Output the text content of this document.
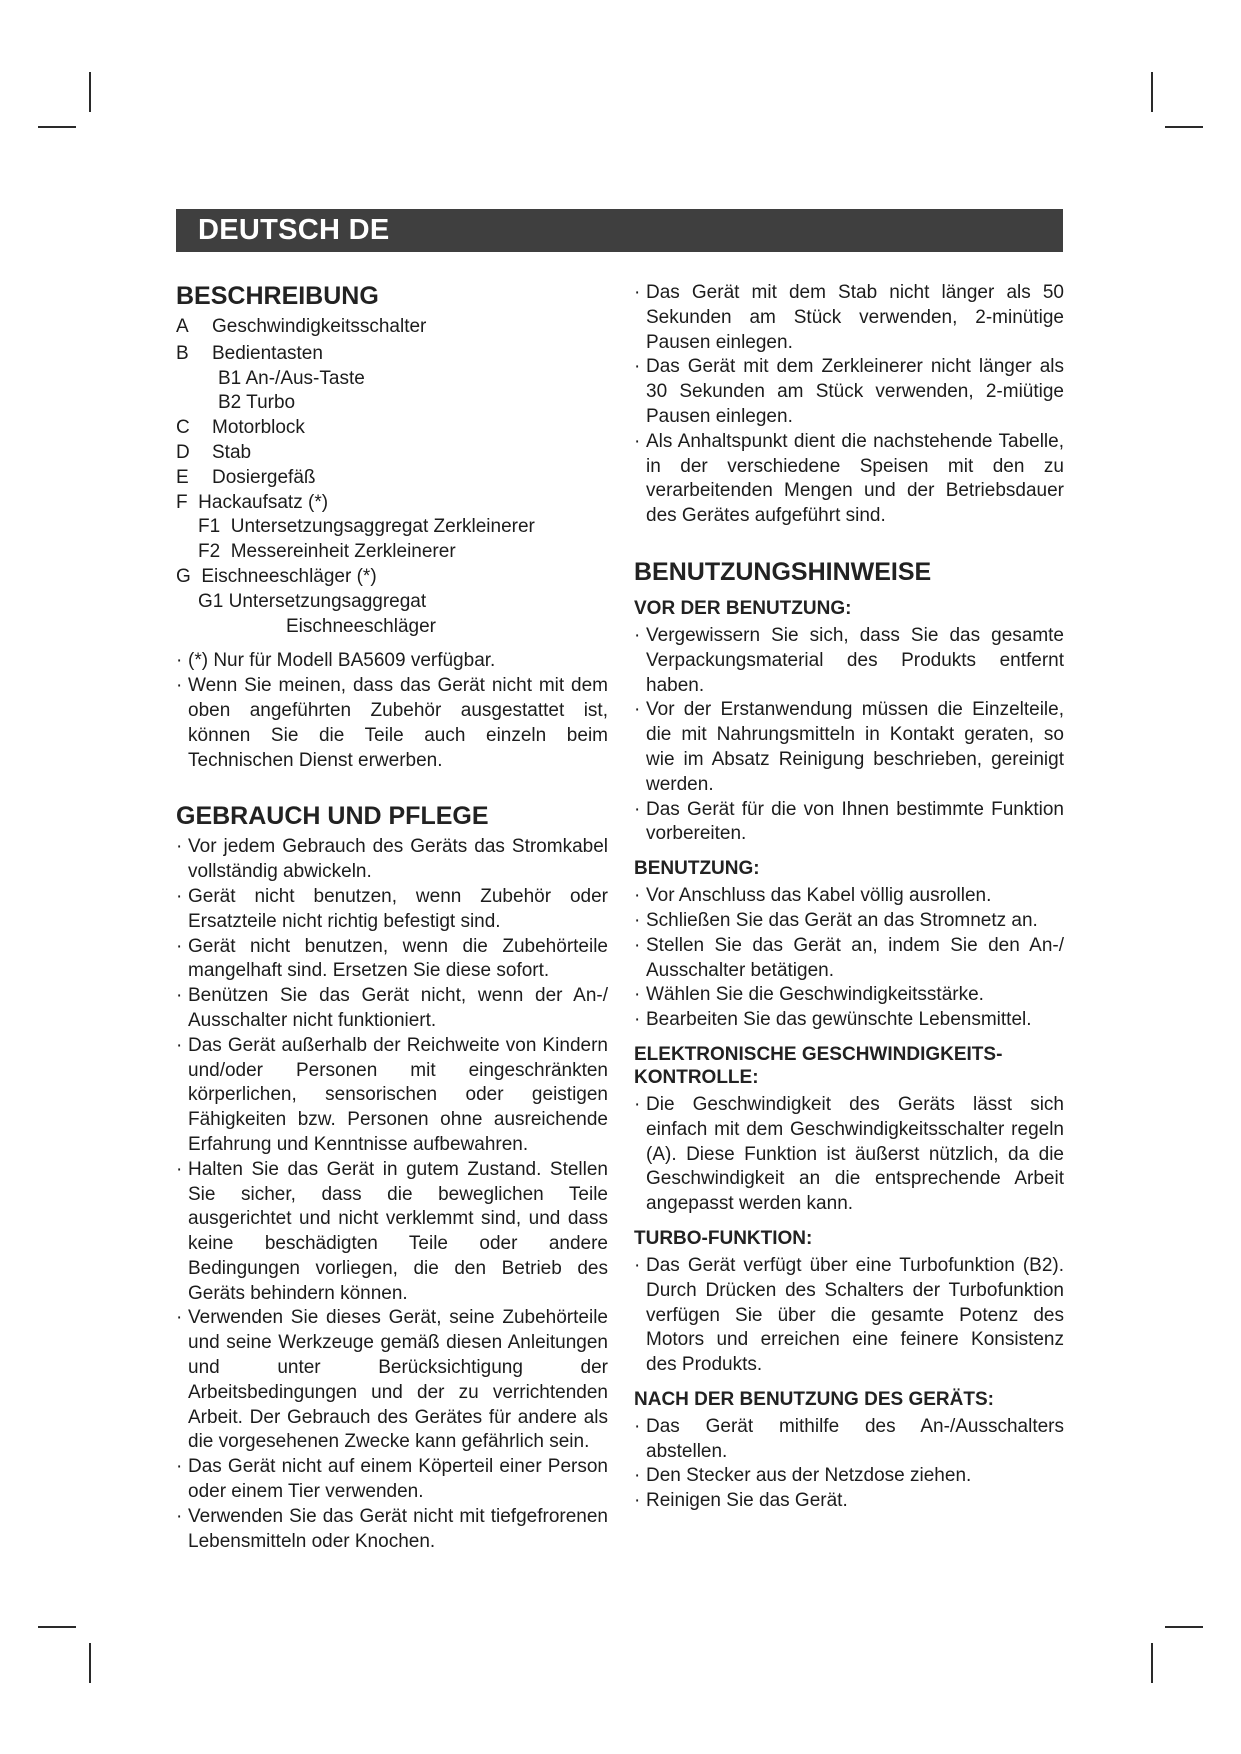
DEUTSCH DE
BESCHREIBUNG
A	Geschwindigkeitsschalter
B	Bedientasten
B1 An-/Aus-Taste
B2 Turbo
C	Motorblock
D	Stab
E	Dosiergefäß
F  Hackaufsatz (*)
F1  Untersetzungsaggregat Zerkleinerer
F2  Messereinheit Zerkleinerer
G  Eischneeschläger (*)
G1 Untersetzungsaggregat
Eischneeschläger
· (*) Nur für Modell BA5609 verfügbar.
· Wenn Sie meinen, dass das Gerät nicht mit dem oben angeführten Zubehör ausgestattet ist, können Sie die Teile auch einzeln beim Technischen Dienst erwerben.
GEBRAUCH UND PFLEGE
· Vor jedem Gebrauch des Geräts das Stromkabel vollständig abwickeln.
· Gerät nicht benutzen, wenn Zubehör oder Ersatzteile nicht richtig befestigt sind.
· Gerät nicht benutzen, wenn die Zubehörteile mangelhaft sind. Ersetzen Sie diese sofort.
· Benützen Sie das Gerät nicht, wenn der An-/ Ausschalter nicht funktioniert.
· Das Gerät außerhalb der Reichweite von Kindern und/oder Personen mit eingeschränkten körperlichen, sensorischen oder geistigen Fähigkeiten bzw. Personen ohne ausreichende Erfahrung und Kenntnisse aufbewahren.
· Halten Sie das Gerät in gutem Zustand. Stellen Sie sicher, dass die beweglichen Teile ausgerichtet und nicht verklemmt sind, und dass keine beschädigten Teile oder andere Bedingungen vorliegen, die den Betrieb des Geräts behindern können.
· Verwenden Sie dieses Gerät, seine Zubehörteile und seine Werkzeuge gemäß diesen Anleitungen und unter Berücksichtigung der Arbeitsbedingungen und der zu verrichtenden Arbeit. Der Gebrauch des Gerätes für andere als die vorgesehenen Zwecke kann gefährlich sein.
· Das Gerät nicht auf einem Köperteil einer Person oder einem Tier verwenden.
· Verwenden Sie das Gerät nicht mit tiefgefrorenen Lebensmitteln oder Knochen.
· Das Gerät mit dem Stab nicht länger als 50 Sekunden am Stück verwenden, 2-minütige Pausen einlegen.
· Das Gerät mit dem Zerkleinerer nicht länger als 30 Sekunden am Stück verwenden, 2-miütige Pausen einlegen.
· Als Anhaltspunkt dient die nachstehende Tabelle, in der verschiedene Speisen mit den zu verarbeitenden Mengen und der Betriebsdauer des Gerätes aufgeführt sind.
BENUTZUNGSHINWEISE
VOR DER BENUTZUNG:
· Vergewissern Sie sich, dass Sie das gesamte Verpackungsmaterial des Produkts entfernt haben.
· Vor der Erstanwendung müssen die Einzelteile, die mit Nahrungsmitteln in Kontakt geraten, so wie im Absatz Reinigung beschrieben, gereinigt werden.
· Das Gerät für die von Ihnen bestimmte Funktion vorbereiten.
BENUTZUNG:
· Vor Anschluss das Kabel völlig ausrollen.
· Schließen Sie das Gerät an das Stromnetz an.
· Stellen Sie das Gerät an, indem Sie den An-/ Ausschalter betätigen.
· Wählen Sie die Geschwindigkeitsstärke.
· Bearbeiten Sie das gewünschte Lebensmittel.
ELEKTRONISCHE GESCHWINDIGKEITS-KONTROLLE:
· Die Geschwindigkeit des Geräts lässt sich einfach mit dem Geschwindigkeitsschalter regeln (A). Diese Funktion ist äußerst nützlich, da die Geschwindigkeit an die entsprechende Arbeit angepasst werden kann.
TURBO-FUNKTION:
· Das Gerät verfügt über eine Turbofunktion (B2). Durch Drücken des Schalters der Turbofunktion verfügen Sie über die gesamte Potenz des Motors und erreichen eine feinere Konsistenz des Produkts.
NACH DER BENUTZUNG DES GERÄTS:
· Das Gerät mithilfe des An-/Ausschalters abstellen.
· Den Stecker aus der Netzdose ziehen.
· Reinigen Sie das Gerät.
